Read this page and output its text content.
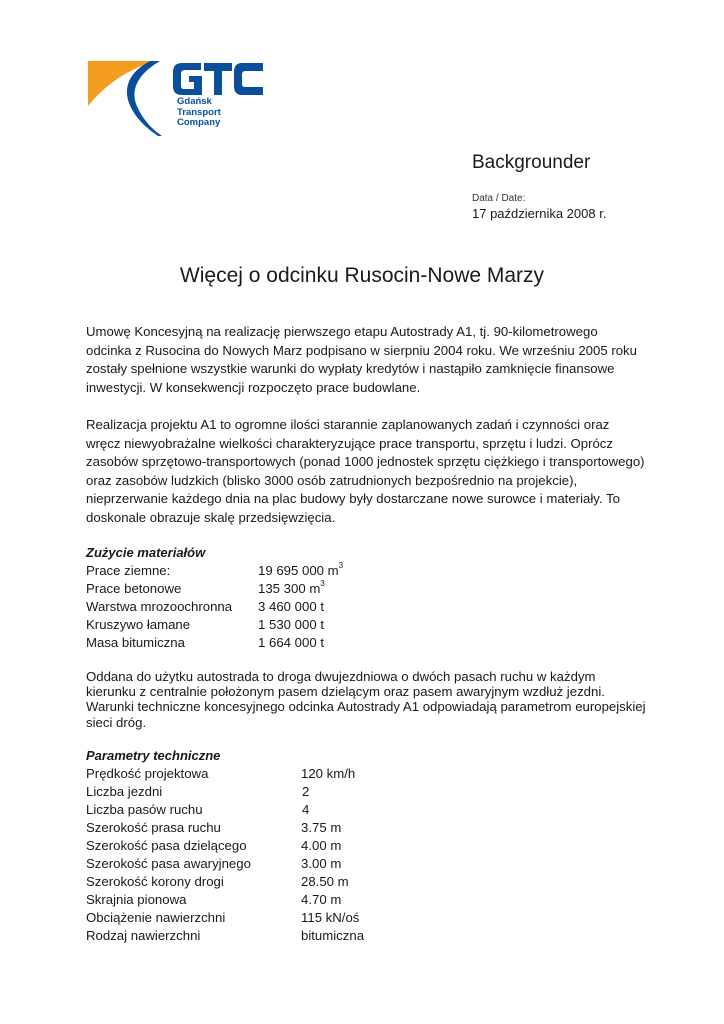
Gdańsk
Transport
Company
Backgrounder
Data / Date:
17 października 2008 r.
Więcej o odcinku Rusocin-Nowe Marzy

Umowę Koncesyjną na realizację pierwszego etapu Autostrady A1, tj. 90-kilometrowego odcinka z Rusocina do Nowych Marz podpisano w sierpniu 2004 roku. We wrześniu 2005 roku zostały spełnione wszystkie warunki do wypłaty kredytów i nastąpiło zamknięcie finansowe inwestycji. W konsekwencji rozpoczęto prace budowlane.

Realizacja projektu A1 to ogromne ilości starannie zaplanowanych zadań i czynności oraz wręcz niewyobrażalne wielkości charakteryzujące prace transportu, sprzętu i ludzi. Oprócz zasobów sprzętowo-transportowych (ponad 1000 jednostek sprzętu ciężkiego i transportowego) oraz zasobów ludzkich (blisko 3000 osób zatrudnionych bezpośrednio na projekcie), nieprzerwanie każdego dnia na plac budowy były dostarczane nowe surowce i materiały. To doskonale obrazuje skalę przedsięwzięcia.

Zużycie materiałów
Prace ziemne:	19 695 000 $m^3$
Prace betonowe	135 300 $m^3$
Warstwa mrozoochronna 3 460 000 t
Kruszywo łamane	1 530 000 t
Masa bitumiczna	1 664 000 t

Oddana do użytku autostrada to droga dwujezdniowa o dwóch pasach ruchu w każdym kierunku z centralnie położonym pasem dzielącym oraz pasem awaryjnym wzdłuż jezdni. Warunki techniczne koncesyjnego odcinka Autostrady A1 odpowiadają parametrom europejskiej sieci dróg.

Parametry techniczne
Prędkość projektowa	120 km/h
Liczba jezdni	2
Liczba pasów ruchu	4
Szerokość prasa ruchu	3.75 m
Szerokość pasa dzielącego	4.00 m
Szerokość pasa awaryjnego	3.00 m
Szerokość korony drogi	28.50 m
Skrajnia pionowa	4.70 m
Obciążenie nawierzchni	115 kN/oś
Rodzaj nawierzchni	bitumiczna
